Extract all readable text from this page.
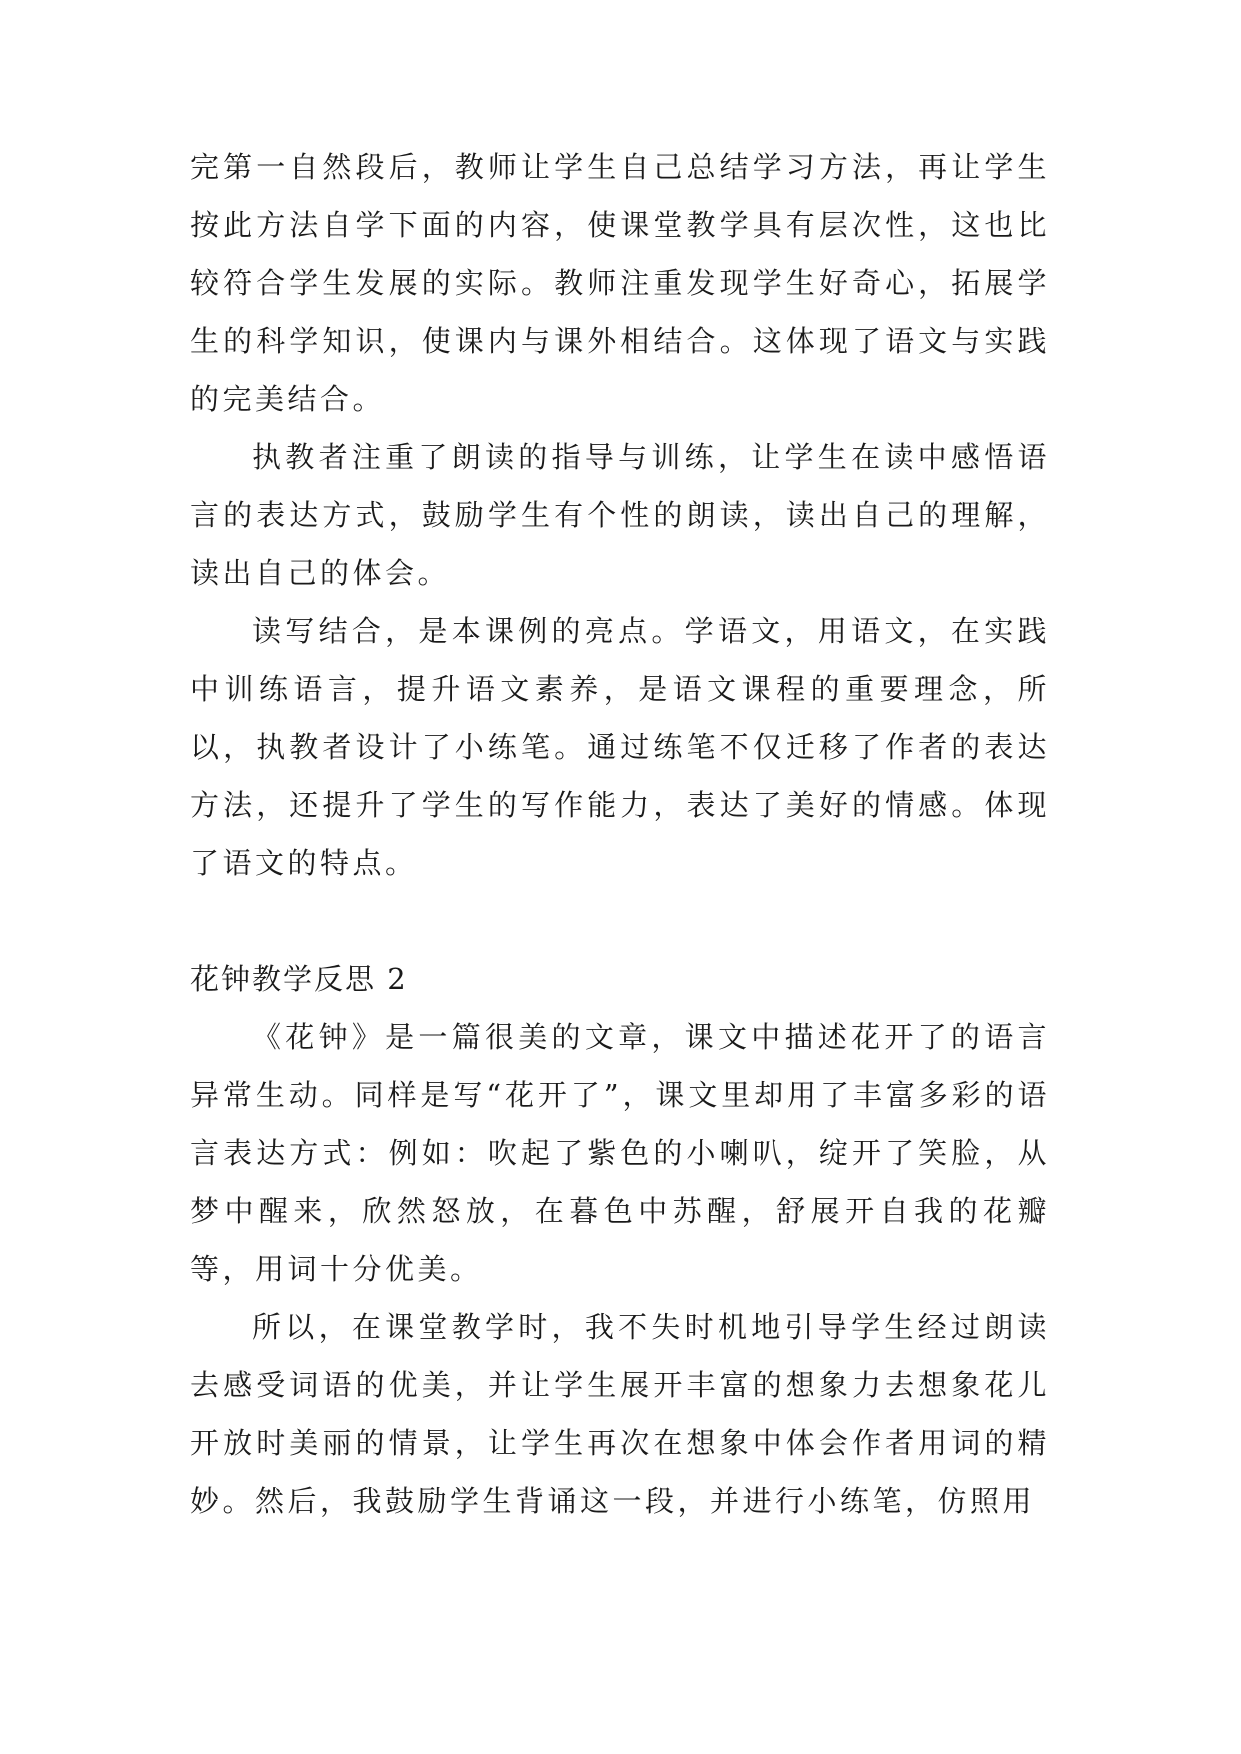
完第一自然段后，教师让学生自己总结学习方法，再让学生按此方法自学下面的内容，使课堂教学具有层次性，这也比较符合学生发展的实际。教师注重发现学生好奇心，拓展学生的科学知识，使课内与课外相结合。这体现了语文与实践的完美结合。

执教者注重了朗读的指导与训练，让学生在读中感悟语言的表达方式，鼓励学生有个性的朗读，读出自己的理解，读出自己的体会。

读写结合，是本课例的亮点。学语文，用语文，在实践中训练语言，提升语文素养，是语文课程的重要理念，所以，执教者设计了小练笔。通过练笔不仅迁移了作者的表达方法，还提升了学生的写作能力，表达了美好的情感。体现了语文的特点。

花钟教学反思 2

《花钟》是一篇很美的文章，课文中描述花开了的语言异常生动。同样是写“花开了”，课文里却用了丰富多彩的语言表达方式：例如：吹起了紫色的小喇叭，绽开了笑脸，从梦中醒来，欣然怒放，在暮色中苏醒，舒展开自我的花瓣等，用词十分优美。

所以，在课堂教学时，我不失时机地引导学生经过朗读去感受词语的优美，并让学生展开丰富的想象力去想象花儿开放时美丽的情景，让学生再次在想象中体会作者用词的精妙。然后，我鼓励学生背诵这一段，并进行小练笔，仿照用
